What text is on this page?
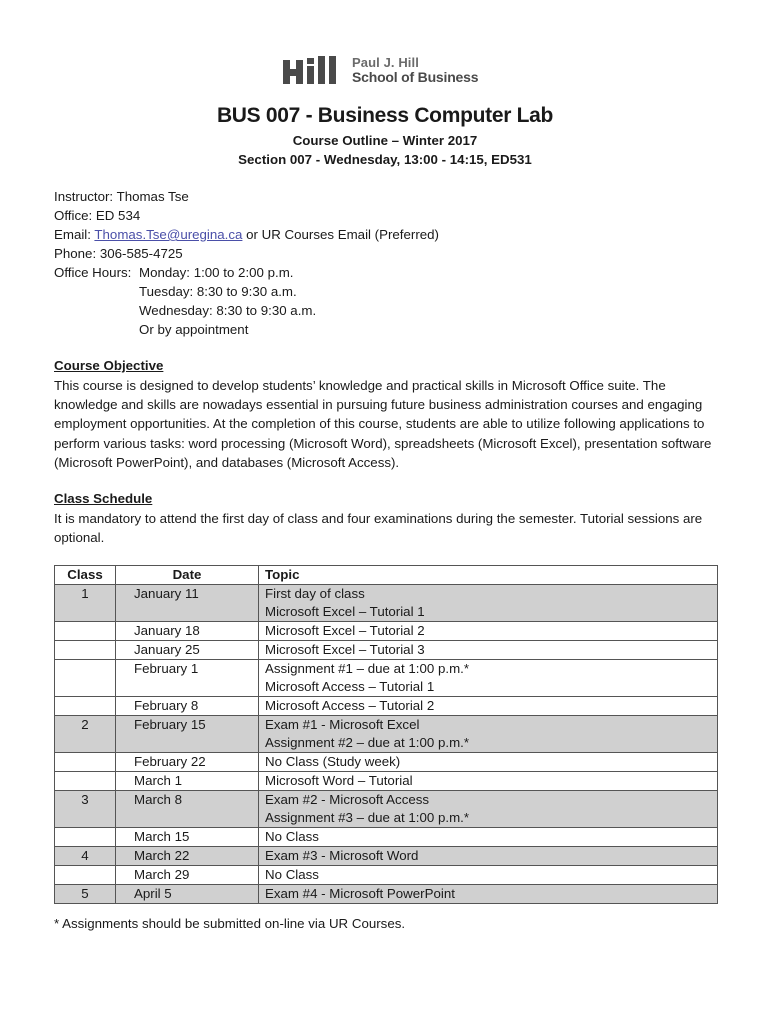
Paul J. Hill
School of Business
BUS 007 - Business Computer Lab
Course Outline – Winter 2017
Section 007 - Wednesday, 13:00 - 14:15, ED531
Instructor: Thomas Tse
Office: ED 534
Email: Thomas.Tse@uregina.ca or UR Courses Email (Preferred)
Phone: 306-585-4725
Office Hours: Monday: 1:00 to 2:00 p.m.
Tuesday: 8:30 to 9:30 a.m.
Wednesday: 8:30 to 9:30 a.m.
Or by appointment
Course Objective
This course is designed to develop students’ knowledge and practical skills in Microsoft Office suite. The knowledge and skills are nowadays essential in pursuing future business administration courses and engaging employment opportunities. At the completion of this course, students are able to utilize following applications to perform various tasks: word processing (Microsoft Word), spreadsheets (Microsoft Excel), presentation software (Microsoft PowerPoint), and databases (Microsoft Access).
Class Schedule
It is mandatory to attend the first day of class and four examinations during the semester. Tutorial sessions are optional.
Class	Date	Topic
1	January 11	First day of class
Microsoft Excel – Tutorial 1

	January 18	Microsoft Excel – Tutorial 2

	January 25	Microsoft Excel – Tutorial 3

	February 1	Assignment #1 – due at 1:00 p.m.*
Microsoft Access – Tutorial 1

	February 8	Microsoft Access – Tutorial 2

2	February 15	Exam #1 - Microsoft Excel
Assignment #2 – due at 1:00 p.m.*

	February 22	No Class (Study week)

	March 1	Microsoft Word – Tutorial

3	March 8	Exam #2 - Microsoft Access
Assignment #3 – due at 1:00 p.m.*

	March 15	No Class

4	March 22	Exam #3 - Microsoft Word

	March 29	No Class

5	April 5	Exam #4 - Microsoft PowerPoint
* Assignments should be submitted on-line via UR Courses.
